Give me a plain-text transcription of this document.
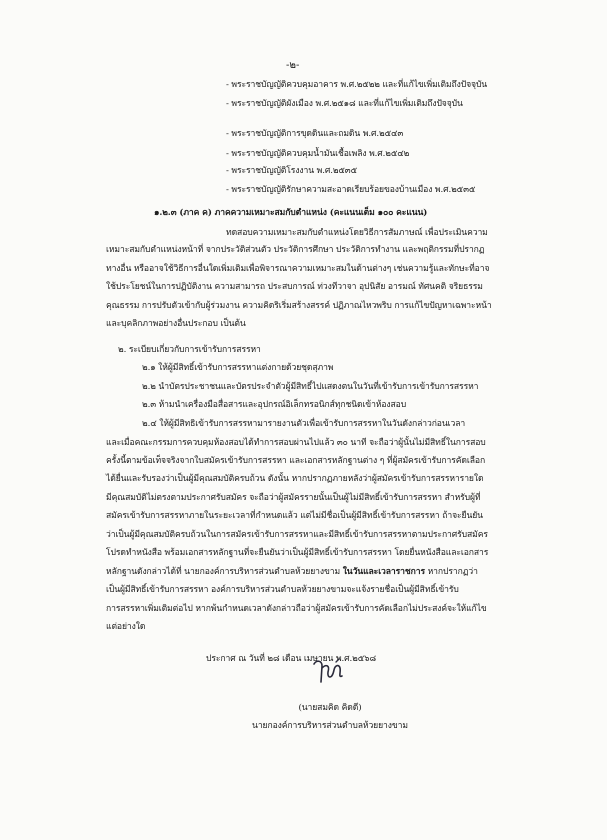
-๒-
- พระราชบัญญัติควบคุมอาคาร พ.ศ.๒๕๒๒ และที่แก้ไขเพิ่มเติมถึงปัจจุบัน
- พระราชบัญญัติผังเมือง พ.ศ.๒๕๑๘ และที่แก้ไขเพิ่มเติมถึงปัจจุบัน
- พระราชบัญญัติการขุดดินและถมดิน พ.ศ.๒๕๔๓
- พระราชบัญญัติควบคุมน้ำมันเชื้อเพลิง พ.ศ.๒๕๔๒
- พระราชบัญญัติโรงงาน พ.ศ.๒๕๓๕
- พระราชบัญญัติรักษาความสะอาดเรียบร้อยของบ้านเมือง พ.ศ.๒๕๓๕
๑.๒.๓ (ภาค ค) ภาคความเหมาะสมกับตำแหน่ง (คะแนนเต็ม ๑๐๐ คะแนน)
ทดสอบความเหมาะสมกับตำแหน่งโดยวิธีการสัมภาษณ์ เพื่อประเมินความ
เหมาะสมกับตำแหน่งหน้าที่ จากประวัติส่วนตัว ประวัติการศึกษา ประวัติการทำงาน และพฤติกรรมที่ปรากฏ
ทางอื่น หรืออาจใช้วิธีการอื่นใดเพิ่มเติมเพื่อพิจารณาความเหมาะสมในด้านต่างๆ เช่นความรู้และทักษะที่อาจ
ใช้ประโยชน์ในการปฏิบัติงาน ความสามารถ ประสบการณ์ ท่วงทีวาจา อุปนิสัย อารมณ์ ทัศนคติ จริยธรรม
คุณธรรม การปรับตัวเข้ากับผู้ร่วมงาน ความคิดริเริ่มสร้างสรรค์ ปฏิภาณไหวพริบ การแก้ไขปัญหาเฉพาะหน้า
และบุคลิกภาพอย่างอื่นประกอบ เป็นต้น
๒. ระเบียบเกี่ยวกับการเข้ารับการสรรหา
๒.๑ ให้ผู้มีสิทธิ์เข้ารับการสรรหาแต่งกายด้วยชุดสุภาพ
๒.๒ นำบัตรประชาชนและบัตรประจำตัวผู้มีสิทธิ์ไปแสดงตนในวันที่เข้ารับการเข้ารับการสรรหา
๒.๓ ห้ามนำเครื่องมือสื่อสารและอุปกรณ์อิเล็กทรอนิกส์ทุกชนิดเข้าห้องสอบ
๒.๔ ให้ผู้มีสิทธิเข้ารับการสรรหามารายงานตัวเพื่อเข้ารับการสรรหาในวันดังกล่าวก่อนเวลา
และเมื่อคณะกรรมการควบคุมห้องสอบได้ทำการสอบผ่านไปแล้ว ๓๐ นาที จะถือว่าผู้นั้นไม่มีสิทธิ์ในการสอบ
ครั้งนี้ตามข้อเท็จจริงจากใบสมัครเข้ารับการสรรหา และเอกสารหลักฐานต่าง ๆ ที่ผู้สมัครเข้ารับการคัดเลือก
ได้ยื่นและรับรองว่าเป็นผู้มีคุณสมบัติครบถ้วน ดังนั้น หากปรากฏภายหลังว่าผู้สมัครเข้ารับการสรรหารายใด
มีคุณสมบัติไม่ตรงตามประกาศรับสมัคร จะถือว่าผู้สมัครรายนั้นเป็นผู้ไม่มีสิทธิ์เข้ารับการสรรหา สำหรับผู้ที่
สมัครเข้ารับการสรรหาภายในระยะเวลาที่กำหนดแล้ว แต่ไม่มีชื่อเป็นผู้มีสิทธิ์เข้ารับการสรรหา ถ้าจะยืนยัน
ว่าเป็นผู้มีคุณสมบัติครบถ้วนในการสมัครเข้ารับการสรรหาและมีสิทธิ์เข้ารับการสรรหาตามประกาศรับสมัคร
โปรดทำหนังสือ พร้อมเอกสารหลักฐานที่จะยืนยันว่าเป็นผู้มีสิทธิ์เข้ารับการสรรหา โดยยื่นหนังสือและเอกสาร
หลักฐานดังกล่าวได้ที่ นายกองค์การบริหารส่วนตำบลห้วยยางขาม ในวันและเวลาราชการ หากปรากฏว่า
เป็นผู้มีสิทธิ์เข้ารับการสรรหา องค์การบริหารส่วนตำบลห้วยยางขามจะแจ้งรายชื่อเป็นผู้มีสิทธิ์เข้ารับ
การสรรหาเพิ่มเติมต่อไป หากพ้นกำหนดเวลาดังกล่าวถือว่าผู้สมัครเข้ารับการคัดเลือกไม่ประสงค์จะให้แก้ไข
แต่อย่างใด
ประกาศ ณ วันที่ ๒๘ เดือน เมษายน พ.ศ.๒๕๖๘
(นายสมคิด คิดดี)
นายกองค์การบริหารส่วนตำบลห้วยยางขาม
